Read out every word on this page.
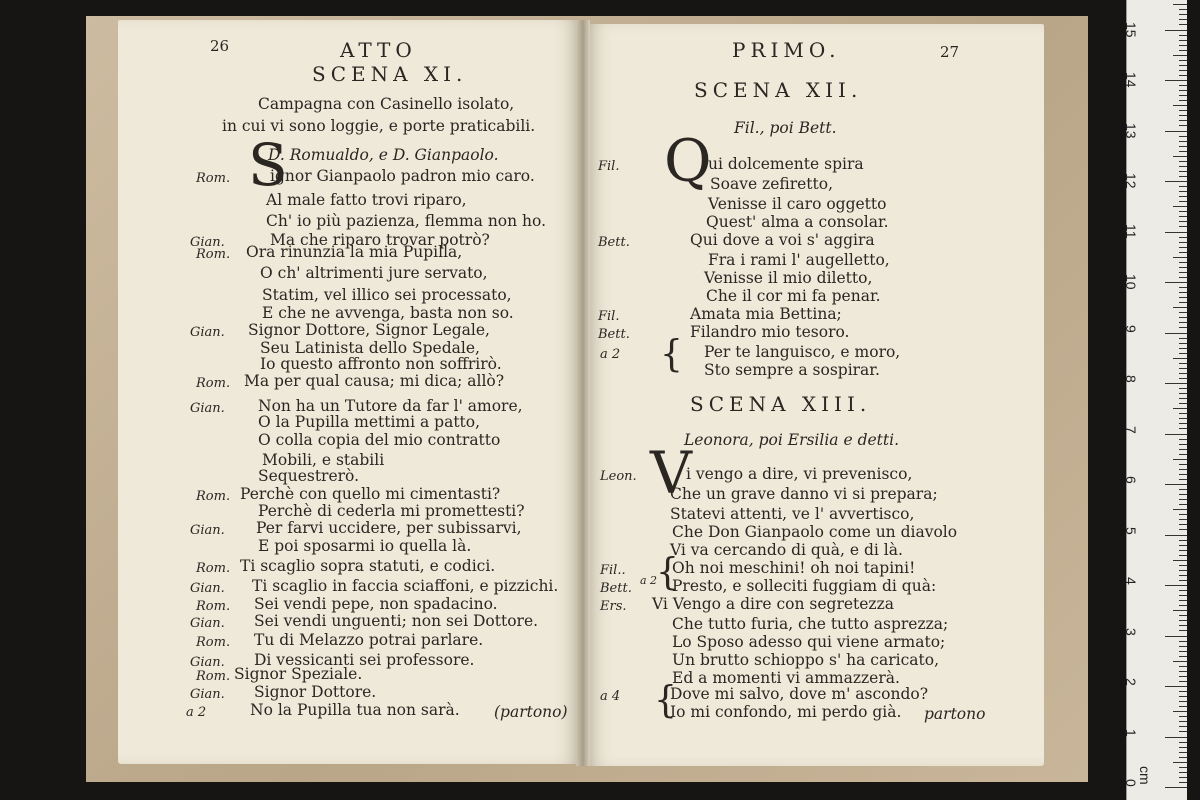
26	ATTO
SCENA XI.
Campagna con Casinello isolato,
in cui vi sono loggie, e porte praticabili.
D. Romualdo, e D. Gianpaolo.
S
Rom.	ignor Gianpaolo padron mio caro.
Al male fatto trovi riparo,
Ch' io più pazienza, flemma non ho.
Gian.	Ma che riparo trovar potrò?
Rom. Ora rinunzia la mia Pupilla,
O ch' altrimenti jure servato,
Statim, vel illico sei processato,
E che ne avvenga, basta non so.
Gian. Signor Dottore, Signor Legale,
Seu Latinista dello Spedale,
Io questo affronto non soffrirò.
Rom. Ma per qual causa; mi dica; allò?
Gian. Non ha un Tutore da far l' amore,
O la Pupilla mettimi a patto,
O colla copia del mio contratto
Mobili, e stabili
Sequestrerò.
Rom. Perchè con quello mi cimentasti?
Perchè di cederla mi promettesti?
Gian. Per farvi uccidere, per subissarvi,
E poi sposarmi io quella là.
Rom. Ti scaglio sopra statuti, e codici.
Gian. Ti scaglio in faccia sciaffoni, e pizzichi.
Rom. Sei vendi pepe, non spadacino.
Gian. Sei vendi unguenti; non sei Dottore.
Rom. Tu di Melazzo potrai parlare.
Gian. Di vessicanti sei professore.
Rom. Signor Speziale.
Gian. Signor Dottore.
a 2	No la Pupilla tua non sarà. (partono)
PRIMO.	27
SCENA XII.
Fil., poi Bett.
Q
Fil.	ui dolcemente spira
Soave zefiretto,
Venisse il caro oggetto
Quest' alma a consolar.
Bett.	Qui dove a voi s' aggira
Fra i rami l' augelletto,
Venisse il mio diletto,
Che il cor mi fa penar.
Fil.	Amata mia Bettina;
Bett.	Filandro mio tesoro.
a 2	Per te languisco, e moro,
Sto sempre a sospirar.
{
SCENA XIII.
Leonora, poi Ersilia e detti.
V
Leon.	i vengo a dire, vi prevenisco,
Che un grave danno vi si prepara;
Statevi attenti, ve l' avvertisco,
Che Don Gianpaolo come un diavolo
Vi va cercando di quà, e di là.
Fil..	Oh noi meschini! oh noi tapini!
Bett.	Presto, e solleciti fuggiam di quà:
Ers. Vi Vengo a dire con segretezza
Che tutto furia, che tutto asprezza;
Lo Sposo adesso qui viene armato;
Un brutto schioppo s' ha caricato,
Ed a momenti vi ammazzerà.
a 4	Dove mi salvo, dove m' ascondo?
Io mi confondo, mi perdo già.
a 2
{
{	partono
0
1
2
3
4
5
6
7
8
9
10
11
12
13
14
15
cm
